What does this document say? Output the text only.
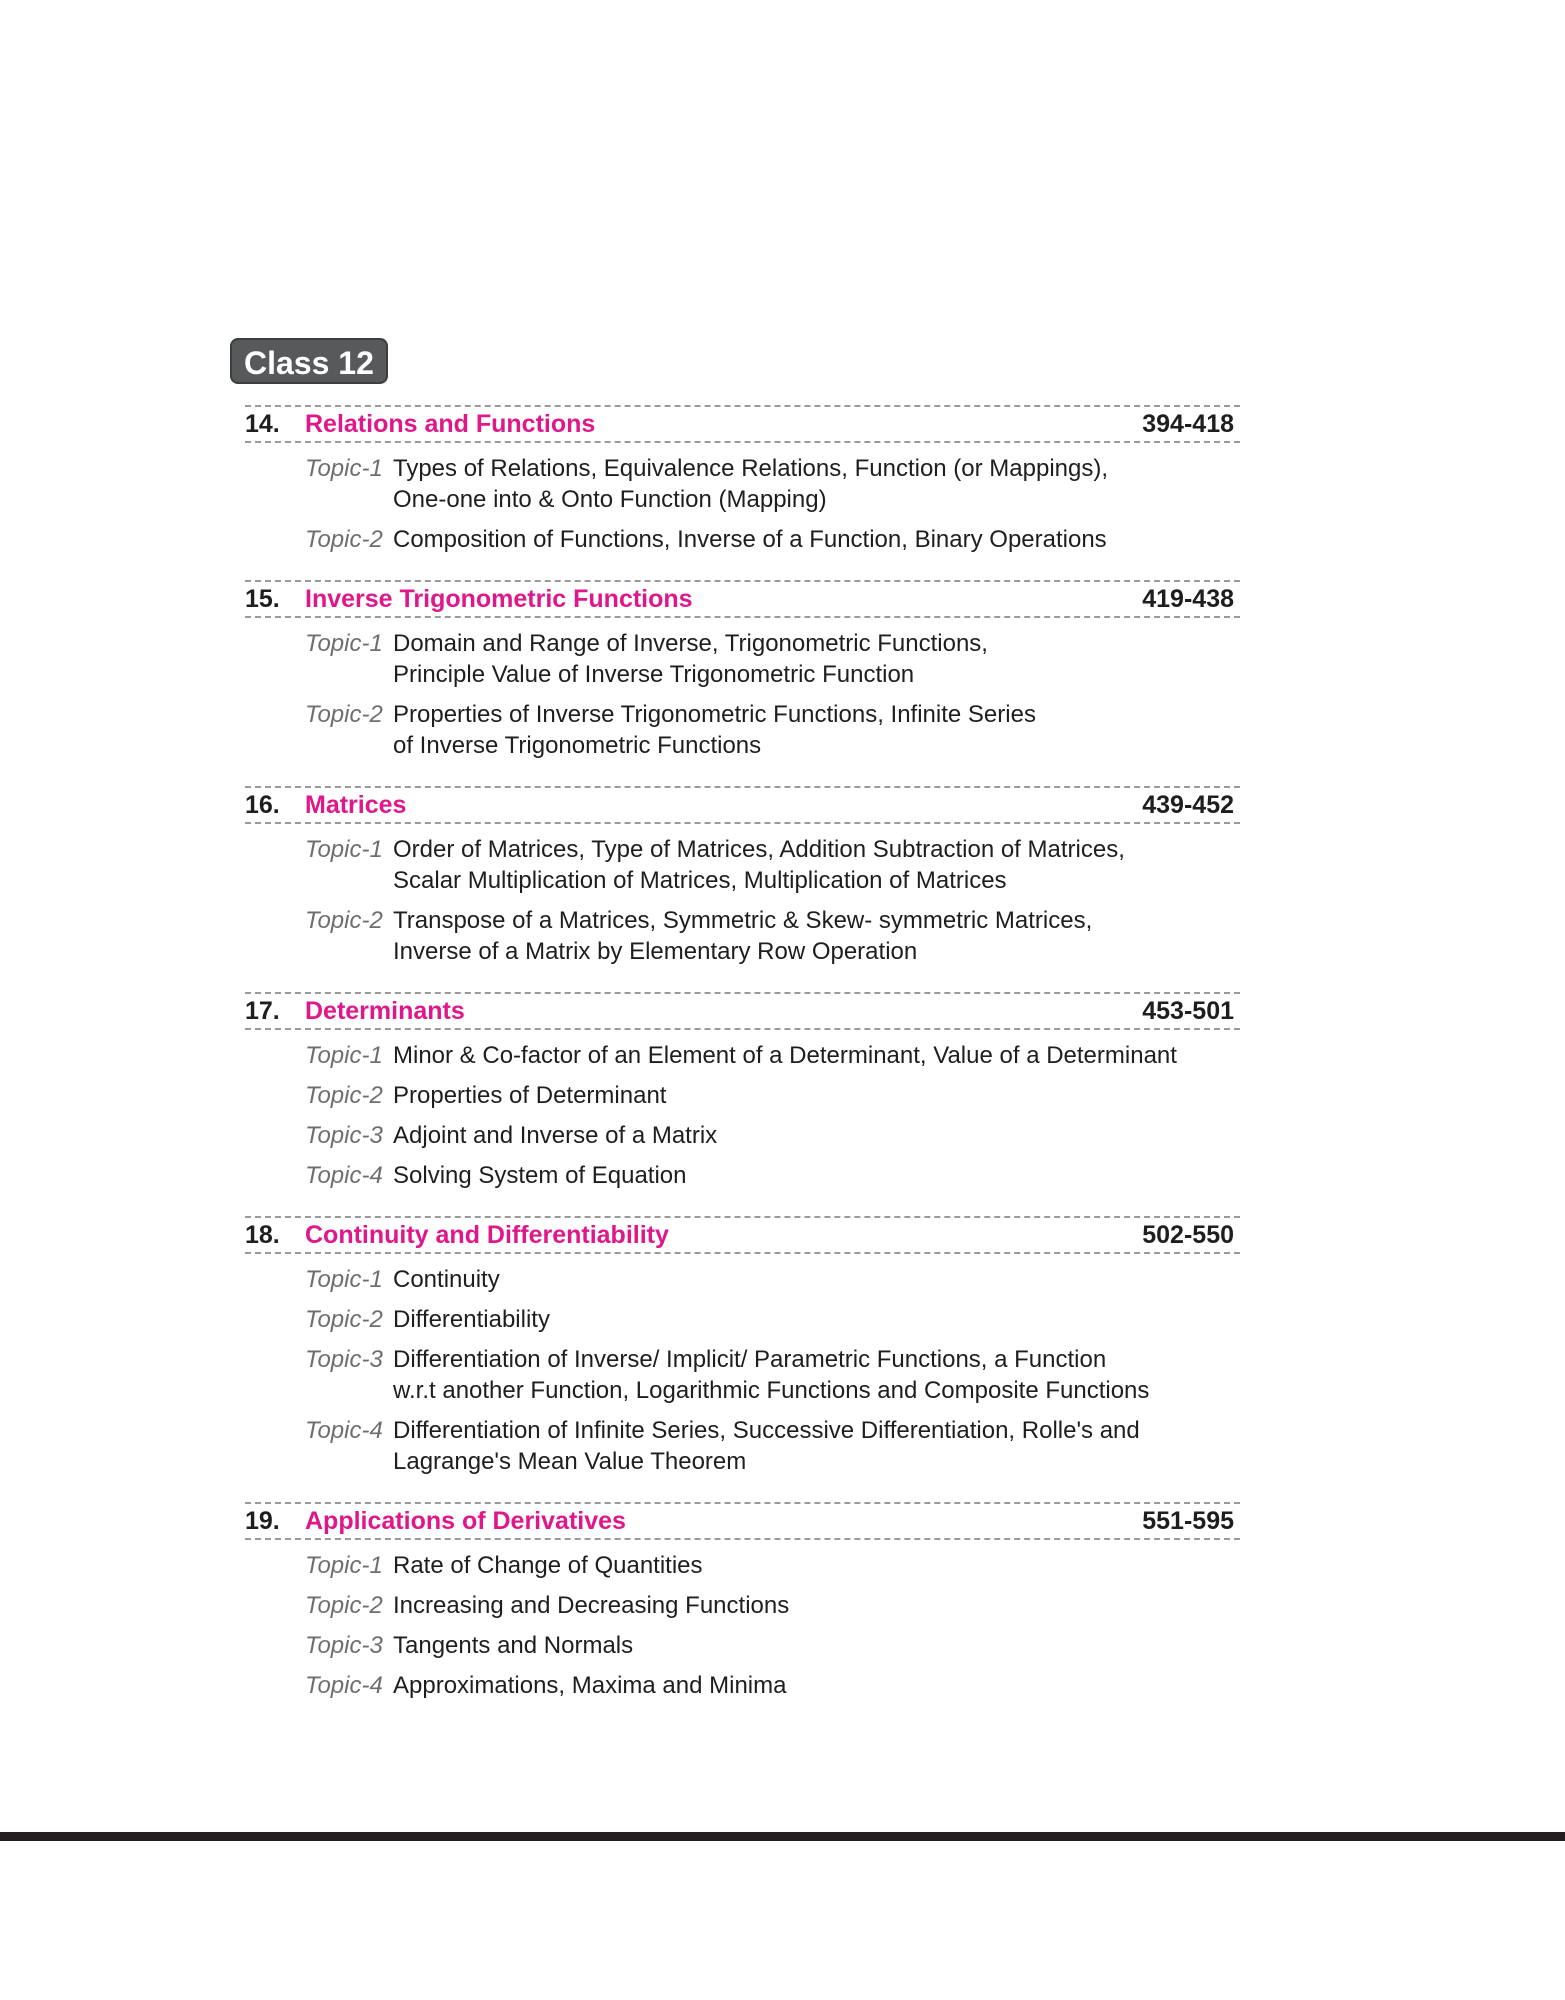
Class 12
14. Relations and Functions	394-418
Topic-1 Types of Relations, Equivalence Relations, Function (or Mappings),
One-one into & Onto Function (Mapping)
Topic-2 Composition of Functions, Inverse of a Function, Binary Operations
15. Inverse Trigonometric Functions	419-438
Topic-1 Domain and Range of Inverse, Trigonometric Functions,
Principle Value of Inverse Trigonometric Function
Topic-2 Properties of Inverse Trigonometric Functions, Infinite Series
of Inverse Trigonometric Functions
16. Matrices	439-452
Topic-1 Order of Matrices, Type of Matrices, Addition Subtraction of Matrices,
Scalar Multiplication of Matrices, Multiplication of Matrices
Topic-2 Transpose of a Matrices, Symmetric & Skew- symmetric Matrices,
Inverse of a Matrix by Elementary Row Operation
17. Determinants	453-501
Topic-1 Minor & Co-factor of an Element of a Determinant, Value of a Determinant
Topic-2 Properties of Determinant
Topic-3 Adjoint and Inverse of a Matrix
Topic-4 Solving System of Equation
18. Continuity and Differentiability	502-550
Topic-1 Continuity
Topic-2 Differentiability
Topic-3 Differentiation of Inverse/ Implicit/ Parametric Functions, a Function
w.r.t another Function, Logarithmic Functions and Composite Functions
Topic-4 Differentiation of Infinite Series, Successive Differentiation, Rolle's and
Lagrange's Mean Value Theorem
19. Applications of Derivatives	551-595
Topic-1 Rate of Change of Quantities
Topic-2 Increasing and Decreasing Functions
Topic-3 Tangents and Normals
Topic-4 Approximations, Maxima and Minima
